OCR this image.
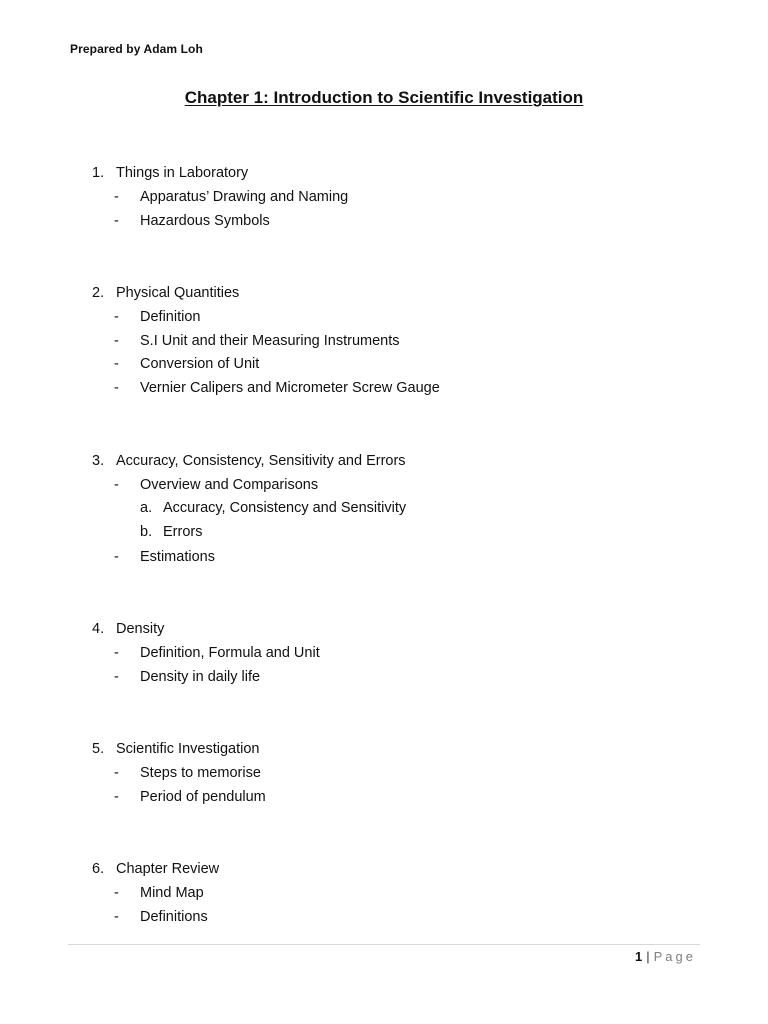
Prepared by Adam Loh
Chapter 1: Introduction to Scientific Investigation
1. Things in Laboratory
- Apparatus’ Drawing and Naming
- Hazardous Symbols
2. Physical Quantities
- Definition
- S.I Unit and their Measuring Instruments
- Conversion of Unit
- Vernier Calipers and Micrometer Screw Gauge
3. Accuracy, Consistency, Sensitivity and Errors
- Overview and Comparisons
a. Accuracy, Consistency and Sensitivity
b. Errors
- Estimations
4. Density
- Definition, Formula and Unit
- Density in daily life
5. Scientific Investigation
- Steps to memorise
- Period of pendulum
6. Chapter Review
- Mind Map
- Definitions
1 | Page
